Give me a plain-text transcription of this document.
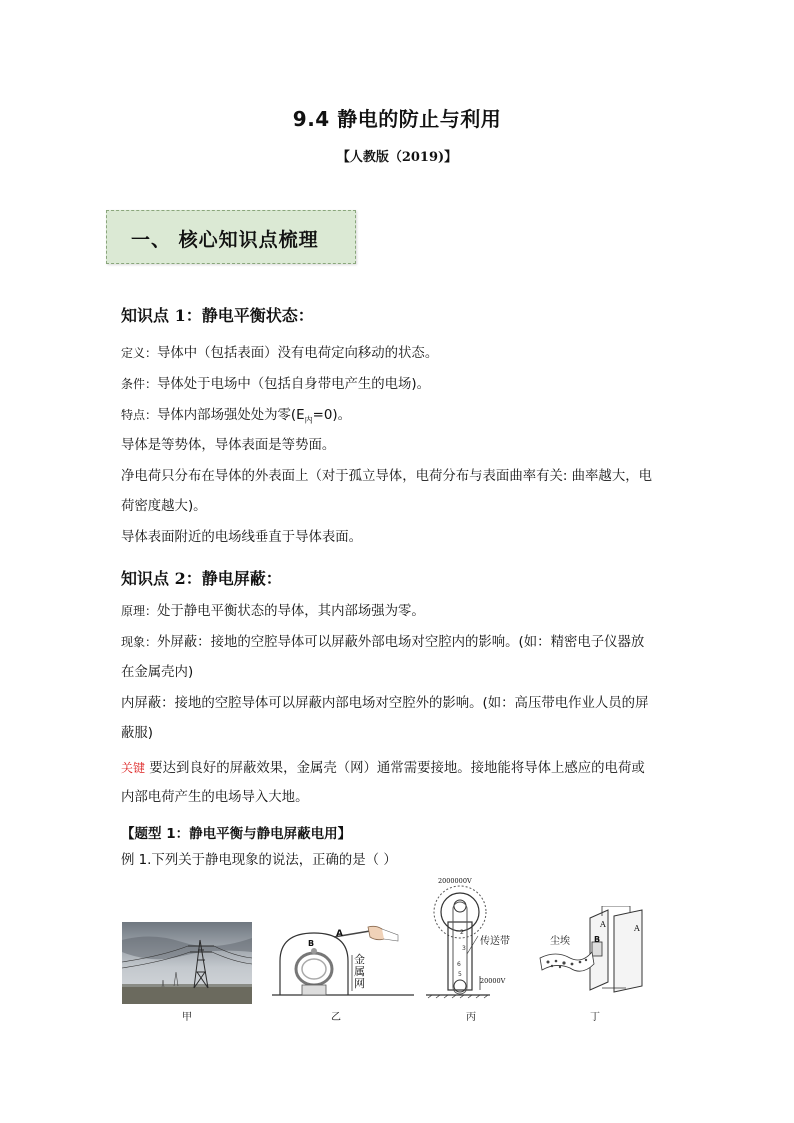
9.4 静电的防止与利用
【人教版（2019)】
一、 核心知识点梳理
知识点 1：静电平衡状态：
定义：导体中（包括表面）没有电荷定向移动的状态。
条件：导体处于电场中（包括自身带电产生的电场)。
特点：导体内部场强处处为零$(E_内=0)$。
导体是等势体，导体表面是等势面。
净电荷只分布在导体的外表面上（对于孤立导体，电荷分布与表面曲率有关: 曲率越大，电
荷密度越大)。
导体表面附近的电场线垂直于导体表面。
知识点 2：静电屏蔽：
原理：处于静电平衡状态的导体，其内部场强为零。
现象：外屏蔽：接地的空腔导体可以屏蔽外部电场对空腔内的影响。(如：精密电子仪器放
在金属壳内)
内屏蔽：接地的空腔导体可以屏蔽内部电场对空腔外的影响。(如：高压带电作业人员的屏
蔽服)
关键 要达到良好的屏蔽效果，金属壳（网）通常需要接地。接地能将导体上感应的电荷或
内部电荷产生的电场导入大地。
【题型 1：静电平衡与静电屏蔽电用】
例 1.下列关于静电现象的说法，正确的是（ ）
甲
A
B
金
属
网
乙
2
3
6
5
2000000V
传送带
20000V
丙
尘埃
A	A
B
丁
